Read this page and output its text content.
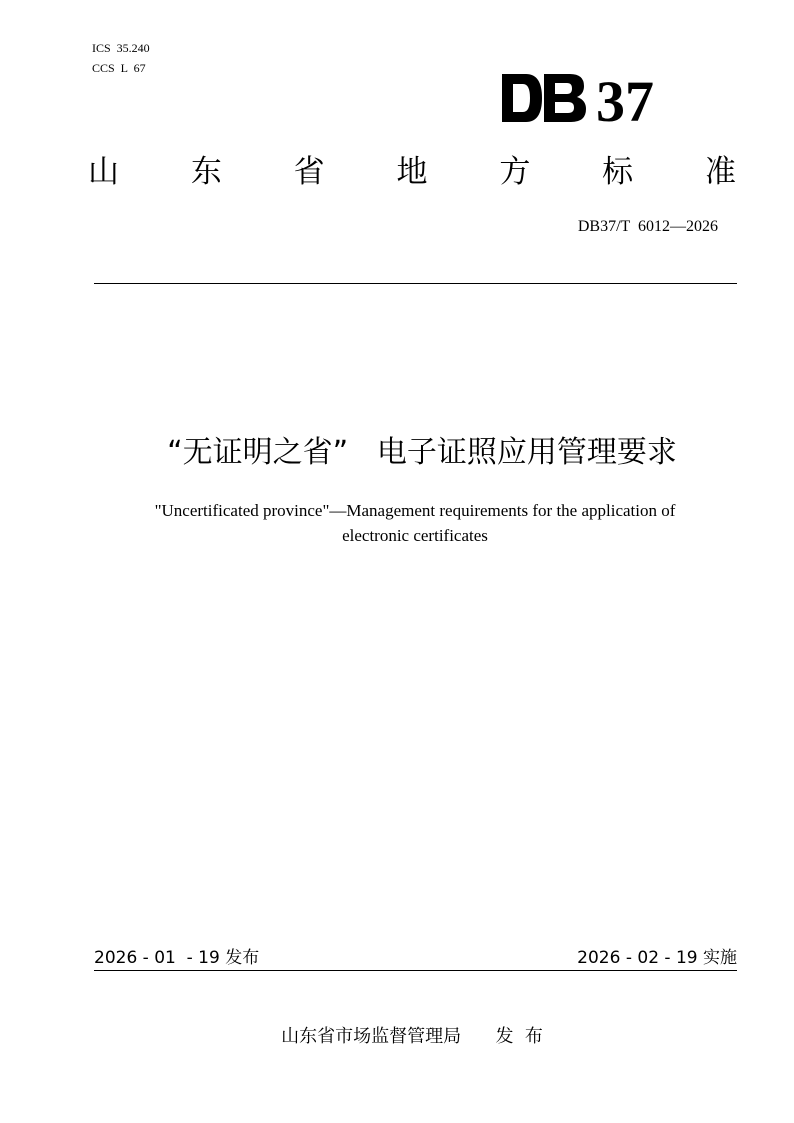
ICS  35.240
CCS  L  67
37
山 东 省 地 方 标 准
DB37/T  6012—2026
“无证明之省”   电子证照应用管理要求
"Uncertificated province"—Management requirements for the application of
electronic certificates
2026 - 01  - 19 发布	2026 - 02 - 19 实施
山东省市场监督管理局      发  布
